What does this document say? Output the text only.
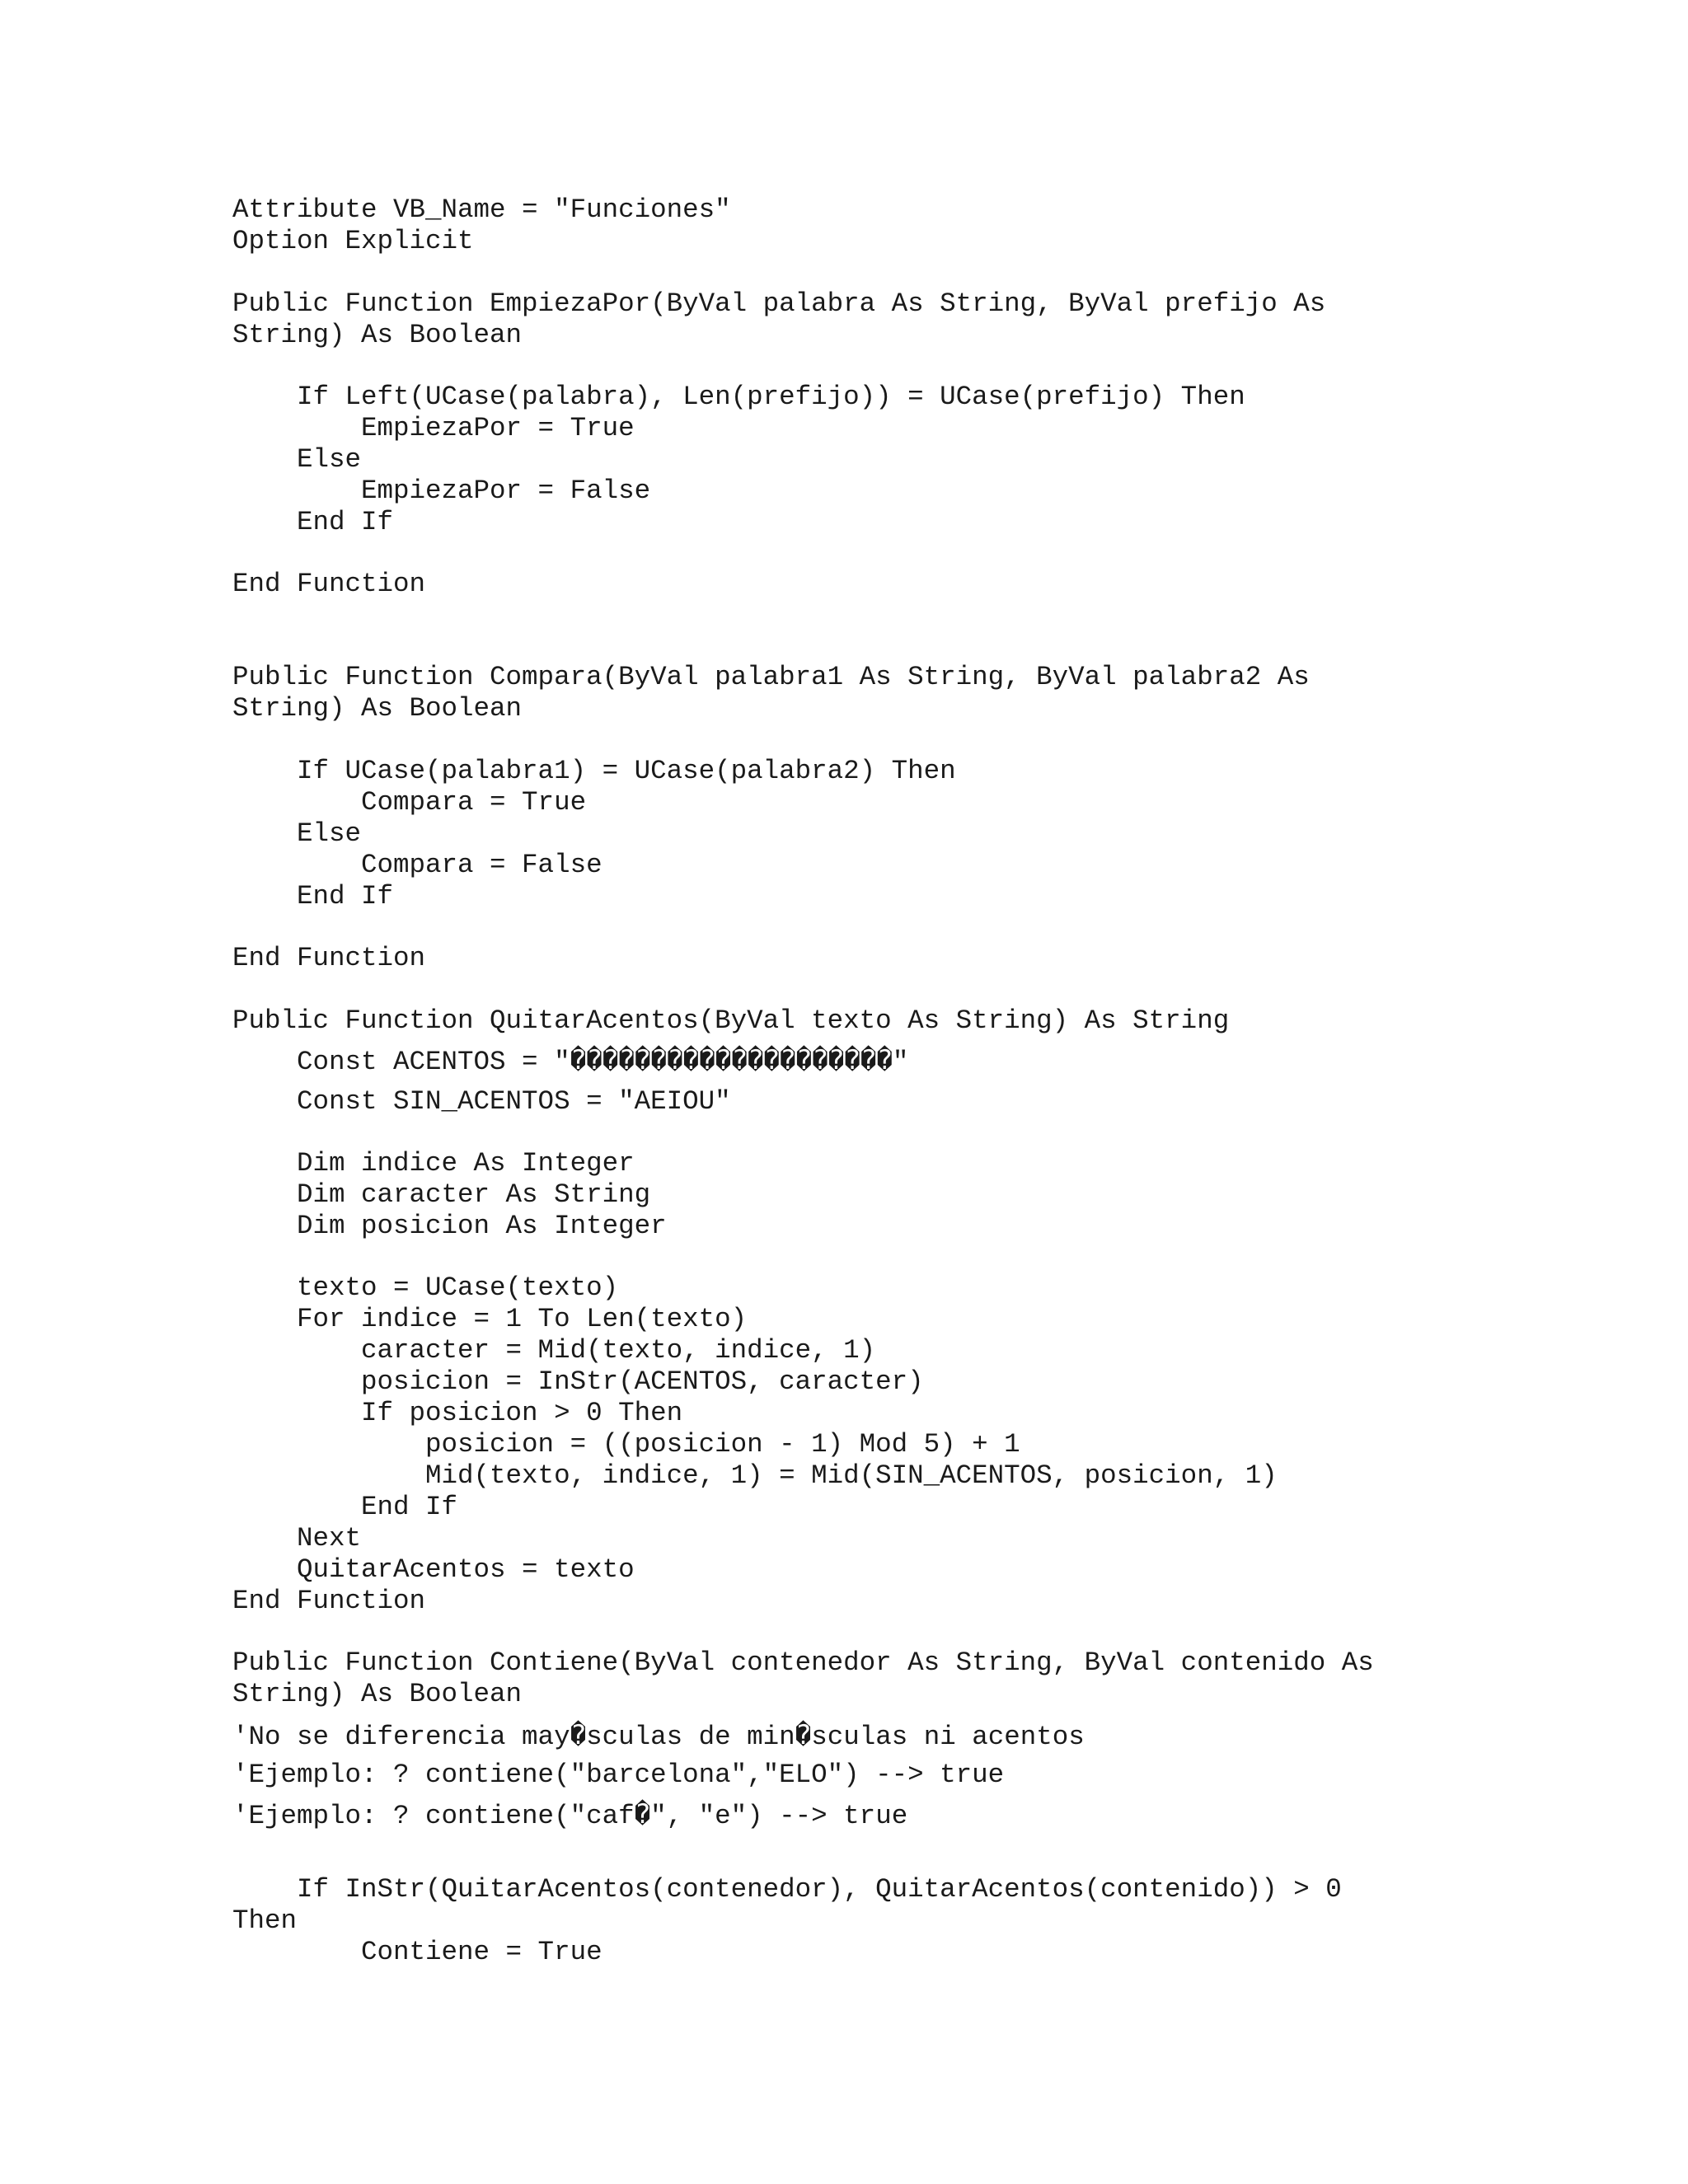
Attribute VB_Name = "Funciones"
Option Explicit
Public Function EmpiezaPor(ByVal palabra As String, ByVal prefijo As
String) As Boolean
If Left(UCase(palabra), Len(prefijo)) = UCase(prefijo) Then
EmpiezaPor = True
Else
EmpiezaPor = False
End If
End Function
Public Function Compara(ByVal palabra1 As String, ByVal palabra2 As
String) As Boolean
If UCase(palabra1) = UCase(palabra2) Then
Compara = True
Else
Compara = False
End If
End Function
Public Function QuitarAcentos(ByVal texto As String) As String
Const ACENTOS = "��������������������"
Const SIN_ACENTOS = "AEIOU"
Dim indice As Integer
Dim caracter As String
Dim posicion As Integer
texto = UCase(texto)
For indice = 1 To Len(texto)
caracter = Mid(texto, indice, 1)
posicion = InStr(ACENTOS, caracter)
If posicion > 0 Then
posicion = ((posicion - 1) Mod 5) + 1
Mid(texto, indice, 1) = Mid(SIN_ACENTOS, posicion, 1)
End If
Next
QuitarAcentos = texto
End Function
Public Function Contiene(ByVal contenedor As String, ByVal contenido As
String) As Boolean
'No se diferencia may�sculas de min�sculas ni acentos
'Ejemplo: ? contiene("barcelona","ELO") --> true
'Ejemplo: ? contiene("caf�", "e") --> true
If InStr(QuitarAcentos(contenedor), QuitarAcentos(contenido)) > 0
Then
Contiene = True
